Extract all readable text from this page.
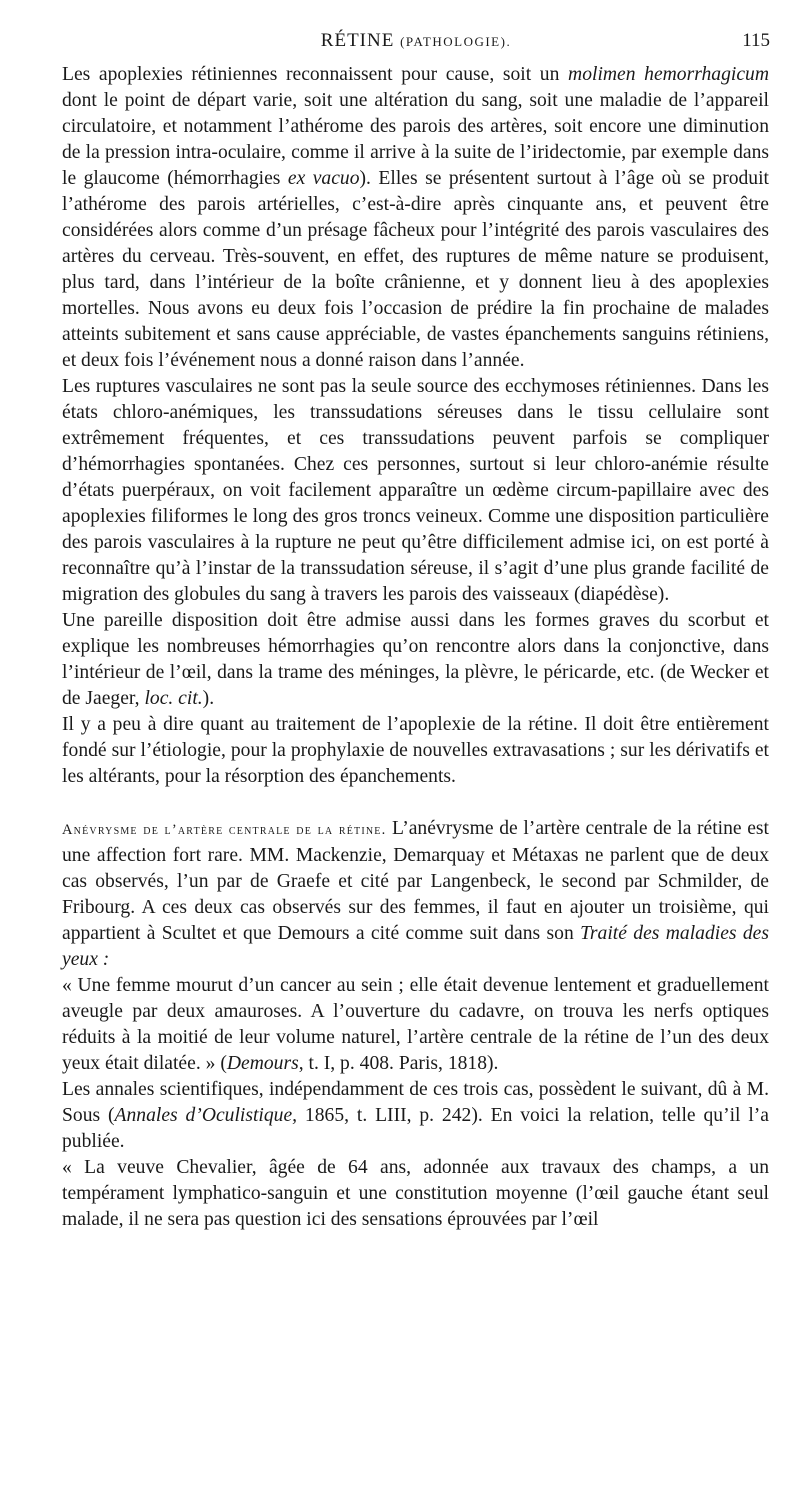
RÉTINE (PATHOLOGIE).	115

Les apoplexies rétiniennes reconnaissent pour cause, soit un molimen hemorrhagicum dont le point de départ varie, soit une altération du sang, soit une maladie de l’appareil circulatoire, et notamment l’athérome des parois des artères, soit encore une diminution de la pression intra-oculaire, comme il arrive à la suite de l’iridectomie, par exemple dans le glaucome (hémorrhagies ex vacuo). Elles se présentent surtout à l’âge où se produit l’athérome des parois artérielles, c’est-à-dire après cinquante ans, et peuvent être considérées alors comme d’un présage fâcheux pour l’intégrité des parois vasculaires des artères du cerveau. Très-souvent, en effet, des ruptures de même nature se produisent, plus tard, dans l’intérieur de la boîte crânienne, et y donnent lieu à des apoplexies mortelles. Nous avons eu deux fois l’occasion de prédire la fin prochaine de malades atteints subitement et sans cause appréciable, de vastes épanchements sanguins rétiniens, et deux fois l’événement nous a donné raison dans l’année.

Les ruptures vasculaires ne sont pas la seule source des ecchymoses rétiniennes. Dans les états chloro-anémiques, les transsudations séreuses dans le tissu cellulaire sont extrêmement fréquentes, et ces transsudations peuvent parfois se compliquer d’hémorrhagies spontanées. Chez ces personnes, surtout si leur chloro-anémie résulte d’états puerpéraux, on voit facilement apparaître un œdème circum-papillaire avec des apoplexies filiformes le long des gros troncs veineux. Comme une disposition particulière des parois vasculaires à la rupture ne peut qu’être difficilement admise ici, on est porté à reconnaître qu’à l’instar de la transsudation séreuse, il s’agit d’une plus grande facilité de migration des globules du sang à travers les parois des vaisseaux (diapédèse).

Une pareille disposition doit être admise aussi dans les formes graves du scorbut et explique les nombreuses hémorrhagies qu’on rencontre alors dans la conjonctive, dans l’intérieur de l’œil, dans la trame des méninges, la plèvre, le péricarde, etc. (de Wecker et de Jaeger, loc. cit.).

Il y a peu à dire quant au traitement de l’apoplexie de la rétine. Il doit être entièrement fondé sur l’étiologie, pour la prophylaxie de nouvelles extravasations ; sur les dérivatifs et les altérants, pour la résorption des épanchements.

Anévrysme de l’artère centrale de la rétine. L’anévrysme de l’artère centrale de la rétine est une affection fort rare. MM. Mackenzie, Demarquay et Métaxas ne parlent que de deux cas observés, l’un par de Graefe et cité par Langenbeck, le second par Schmilder, de Fribourg. A ces deux cas observés sur des femmes, il faut en ajouter un troisième, qui appartient à Scultet et que Demours a cité comme suit dans son Traité des maladies des yeux :

« Une femme mourut d’un cancer au sein ; elle était devenue lentement et graduellement aveugle par deux amauroses. A l’ouverture du cadavre, on trouva les nerfs optiques réduits à la moitié de leur volume naturel, l’artère centrale de la rétine de l’un des deux yeux était dilatée. » (Demours, t. I, p. 408. Paris, 1818).

Les annales scientifiques, indépendamment de ces trois cas, possèdent le suivant, dû à M. Sous (Annales d’Oculistique, 1865, t. LIII, p. 242). En voici la relation, telle qu’il l’a publiée.

« La veuve Chevalier, âgée de 64 ans, adonnée aux travaux des champs, a un tempérament lymphatico-sanguin et une constitution moyenne (l’œil gauche étant seul malade, il ne sera pas question ici des sensations éprouvées par l’œil
